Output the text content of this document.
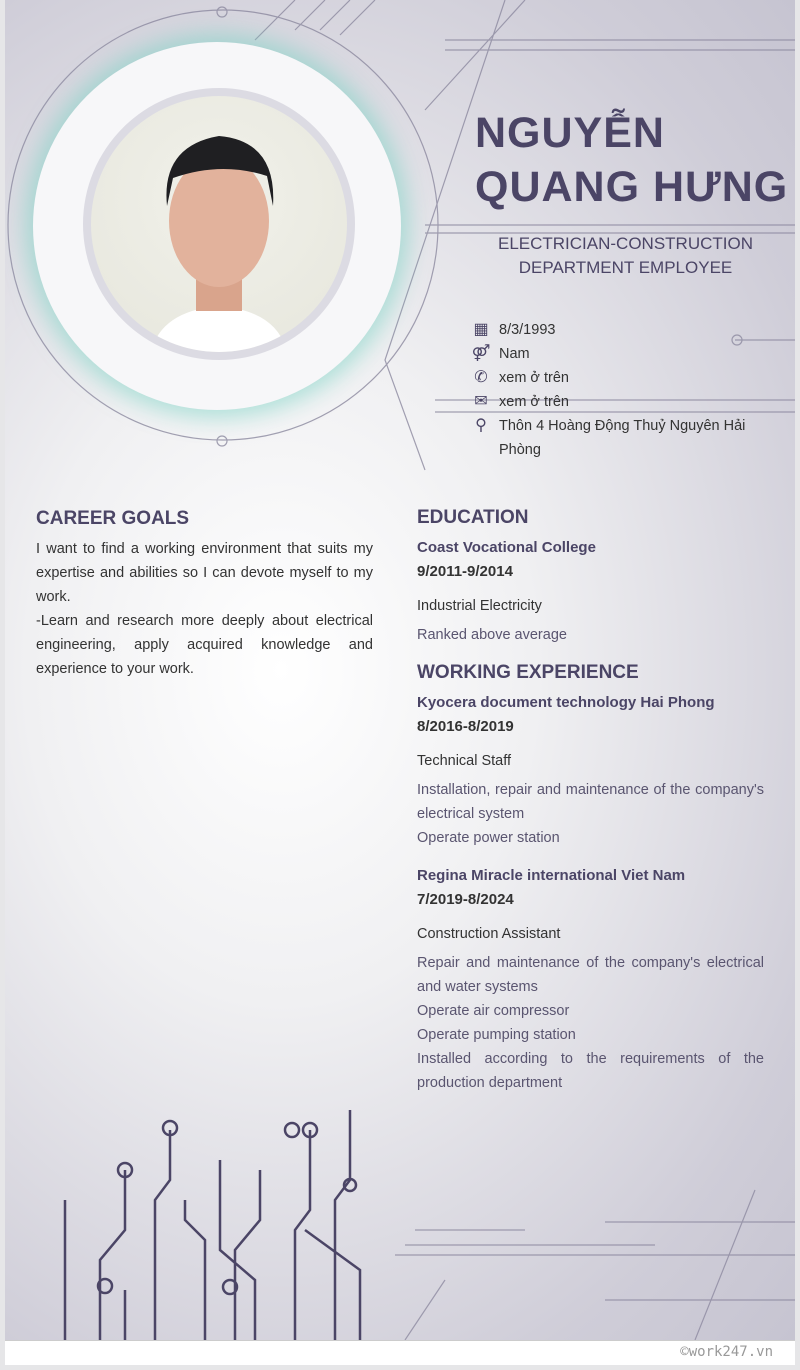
NGUYỄN
QUANG HƯNG
ELECTRICIAN-CONSTRUCTION DEPARTMENT EMPLOYEE
▦ 8/3/1993
⚤ Nam
✆ xem ở trên
✉ xem ở trên
⚲ Thôn 4 Hoàng Động Thuỷ Nguyên Hải Phòng
CAREER GOALS

I want to find a working environment that suits my expertise and abilities so I can devote myself to my work.

-Learn and research more deeply about electrical engineering, apply acquired knowledge and experience to your work.

EDUCATION
Coast Vocational College
9/2011-9/2014
Industrial Electricity
Ranked above average
WORKING EXPERIENCE
Kyocera document technology Hai Phong
8/2016-8/2019
Technical Staff
Installation, repair and maintenance of the company's electrical system
Operate power station
Regina Miracle international Viet Nam
7/2019-8/2024
Construction Assistant
Repair and maintenance of the company's electrical and water systems
Operate air compressor
Operate pumping station
Installed according to the requirements of the production department
©work247.vn
